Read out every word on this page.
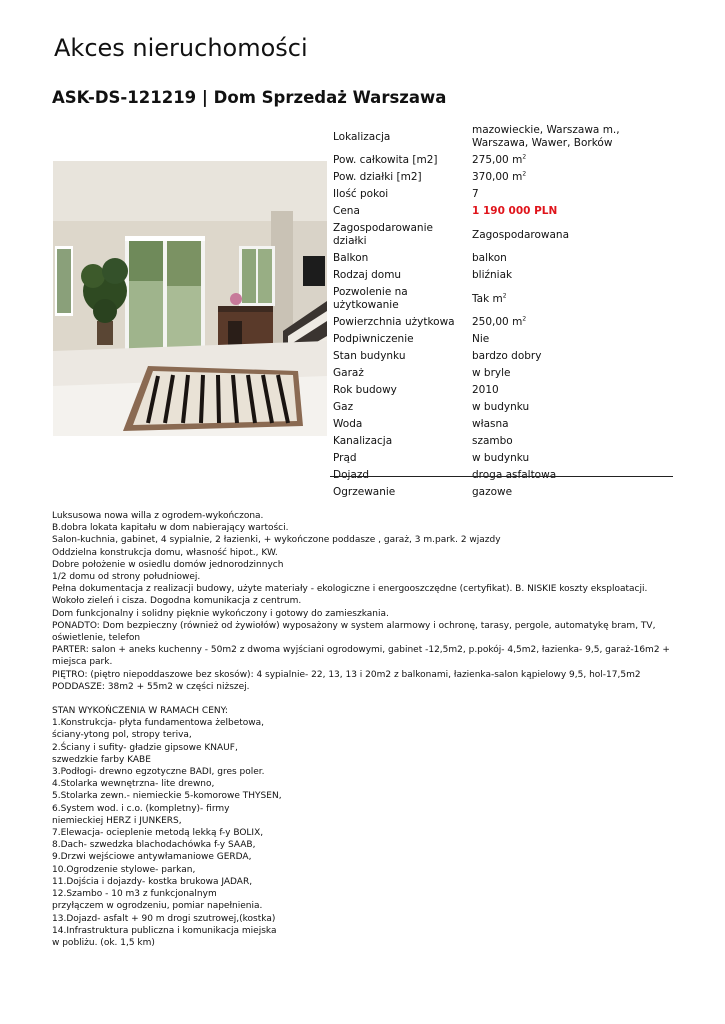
Akces nieruchomości
ASK-DS-121219 | Dom Sprzedaż Warszawa
Lokalizacja	mazowieckie, Warszawa m., Warszawa, Wawer, Borków
Pow. całkowita [m2]	275,00 $m^2$
Pow. działki [m2]	370,00 $m^2$
Ilość pokoi	7
Cena	1 190 000 PLN
Zagospodarowanie działki	Zagospodarowana
Balkon	balkon
Rodzaj domu	bliźniak
Pozwolenie na użytkowanie	Tak $m^2$
Powierzchnia użytkowa	250,00 $m^2$
Podpiwniczenie	Nie
Stan budynku	bardzo dobry
Garaż	w bryle
Rok budowy	2010
Gaz	w budynku
Woda	własna
Kanalizacja	szambo
Prąd	w budynku
Dojazd	droga asfaltowa
Ogrzewanie	gazowe

Luksusowa nowa willa z ogrodem-wykończona.

B.dobra lokata kapitału w dom nabierający wartości.

Salon-kuchnia, gabinet, 4 sypialnie, 2 łazienki, + wykończone poddasze , garaż, 3 m.park. 2 wjazdy

Oddzielna konstrukcja domu, własność hipot., KW.

Dobre położenie w osiedlu domów jednorodzinnych

1/2 domu od strony południowej.

Pełna dokumentacja z realizacji budowy, użyte materiały - ekologiczne i energooszczędne (certyfikat). B. NISKIE koszty eksploatacji. Wokoło zieleń i cisza. Dogodna komunikacja z centrum.

Dom funkcjonalny i solidny pięknie wykończony i gotowy do zamieszkania.

PONADTO: Dom bezpieczny (również od żywiołów) wyposażony w system alarmowy i ochronę, tarasy, pergole, automatykę bram, TV, oświetlenie, telefon

PARTER: salon + aneks kuchenny - 50m2 z dwoma wyjściani ogrodowymi, gabinet -12,5m2, p.pokój- 4,5m2, łazienka- 9,5, garaż-16m2 + miejsca park.

PIĘTRO: (piętro niepoddaszowe bez skosów): 4 sypialnie- 22, 13, 13 i 20m2 z balkonami, łazienka-salon kąpielowy 9,5, hol-17,5m2

PODDASZE: 38m2 + 55m2 w części niższej.

STAN WYKOŃCZENIA W RAMACH CENY:

1.Konstrukcja- płyta fundamentowa żelbetowa,

ściany-ytong pol, stropy teriva,

2.Ściany i sufity- gładzie gipsowe KNAUF,

szwedzkie farby KABE

3.Podłogi- drewno egzotyczne BADI, gres poler.

4.Stolarka wewnętrzna- lite drewno,

5.Stolarka zewn.- niemieckie 5-komorowe THYSEN,

6.System wod. i c.o. (kompletny)- firmy

niemieckiej HERZ i JUNKERS,

7.Elewacja- ocieplenie metodą lekką f-y BOLIX,

8.Dach- szwedzka blachodachówka f-y SAAB,

9.Drzwi wejściowe antywłamaniowe GERDA,

10.Ogrodzenie stylowe- parkan,

11.Dojścia i dojazdy- kostka brukowa JADAR,

12.Szambo - 10 m3 z funkcjonalnym

przyłączem w ogrodzeniu, pomiar napełnienia.

13.Dojazd- asfalt + 90 m drogi szutrowej,(kostka)

14.Infrastruktura publiczna i komunikacja miejska

w pobliżu. (ok. 1,5 km)
